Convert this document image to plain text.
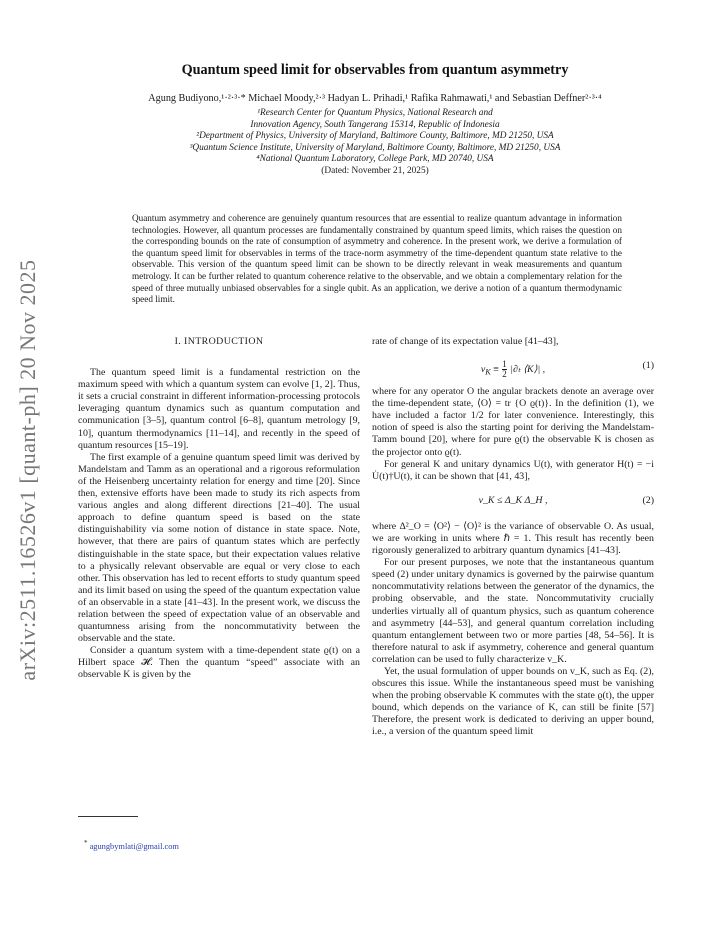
arXiv:2511.16526v1 [quant-ph] 20 Nov 2025
Quantum speed limit for observables from quantum asymmetry
Agung Budiyono,¹·²·³·* Michael Moody,²·³ Hadyan L. Prihadi,¹ Rafika Rahmawati,¹ and Sebastian Deffner²·³·⁴
¹Research Center for Quantum Physics, National Research and
Innovation Agency, South Tangerang 15314, Republic of Indonesia
²Department of Physics, University of Maryland, Baltimore County, Baltimore, MD 21250, USA
³Quantum Science Institute, University of Maryland, Baltimore County, Baltimore, MD 21250, USA
⁴National Quantum Laboratory, College Park, MD 20740, USA
(Dated: November 21, 2025)
Quantum asymmetry and coherence are genuinely quantum resources that are essential to realize quantum advantage in information technologies. However, all quantum processes are fundamentally constrained by quantum speed limits, which raises the question on the corresponding bounds on the rate of consumption of asymmetry and coherence. In the present work, we derive a formulation of the quantum speed limit for observables in terms of the trace-norm asymmetry of the time-dependent quantum state relative to the observable. This version of the quantum speed limit can be shown to be directly relevant in weak measurements and quantum metrology. It can be further related to quantum coherence relative to the observable, and we obtain a complementary relation for the speed of three mutually unbiased observables for a single qubit. As an application, we derive a notion of a quantum thermodynamic speed limit.
I. INTRODUCTION

The quantum speed limit is a fundamental restriction on the maximum speed with which a quantum system can evolve [1, 2]. Thus, it sets a crucial constraint in different information-processing protocols leveraging quantum dynamics such as quantum computation and communication [3–5], quantum control [6–8], quantum metrology [9, 10], quantum thermodynamics [11–14], and recently in the speed of quantum resources [15–19].

The first example of a genuine quantum speed limit was derived by Mandelstam and Tamm as an operational and a rigorous reformulation of the Heisenberg uncertainty relation for energy and time [20]. Since then, extensive efforts have been made to study its rich aspects from various angles and along different directions [21–40]. The usual approach to define quantum speed is based on the state distinguishability via some notion of distance in state space. Note, however, that there are pairs of quantum states which are perfectly distinguishable in the state space, but their expectation values relative to a physically relevant observable are equal or very close to each other. This observation has led to recent efforts to study quantum speed and its limit based on using the speed of the quantum expectation value of an observable in a state [41–43]. In the present work, we discuss the relation between the speed of expectation value of an observable and quantumness arising from the noncommutativity between the observable and the state.

Consider a quantum system with a time-dependent state ϱ(t) on a Hilbert space 𝓗. Then the quantum “speed” associate with an observable K is given by the

rate of change of its expectation value [41–43],

$v_K \equiv \frac{1}{2} |\partial_t$ ⟨K⟩| ,	(1)

where for any operator O the angular brackets denote an average over the time-dependent state, ⟨O⟩ = tr {O ϱ(t)}. In the definition (1), we have included a factor 1/2 for later convenience. Interestingly, this notion of speed is also the starting point for deriving the Mandelstam-Tamm bound [20], where for pure ϱ(t) the observable K is chosen as the projector onto ϱ(t).

For general K and unitary dynamics U(t), with generator H(t) = −i U̇(t)†U(t), it can be shown that [41, 43],

v_K ≤ Δ_K Δ_H ,	(2)

where Δ²_O = ⟨O²⟩ − ⟨O⟩² is the variance of observable O. As usual, we are working in units where ℏ = 1. This result has recently been rigorously generalized to arbitrary quantum dynamics [41–43].

For our present purposes, we note that the instantaneous quantum speed (2) under unitary dynamics is governed by the pairwise quantum noncommutativity relations between the generator of the dynamics, the probing observable, and the state. Noncommutativity crucially underlies virtually all of quantum physics, such as quantum coherence and asymmetry [44–53], and general quantum correlation including quantum entanglement between two or more parties [48, 54–56]. It is therefore natural to ask if asymmetry, coherence and general quantum correlation can be used to fully characterize v_K.

Yet, the usual formulation of upper bounds on v_K, such as Eq. (2), obscures this issue. While the instantaneous speed must be vanishing when the probing observable K commutes with the state ϱ(t), the upper bound, which depends on the variance of K, can still be finite [57] Therefore, the present work is dedicated to deriving an upper bound, i.e., a version of the quantum speed limit

* agungbymlati@gmail.com
